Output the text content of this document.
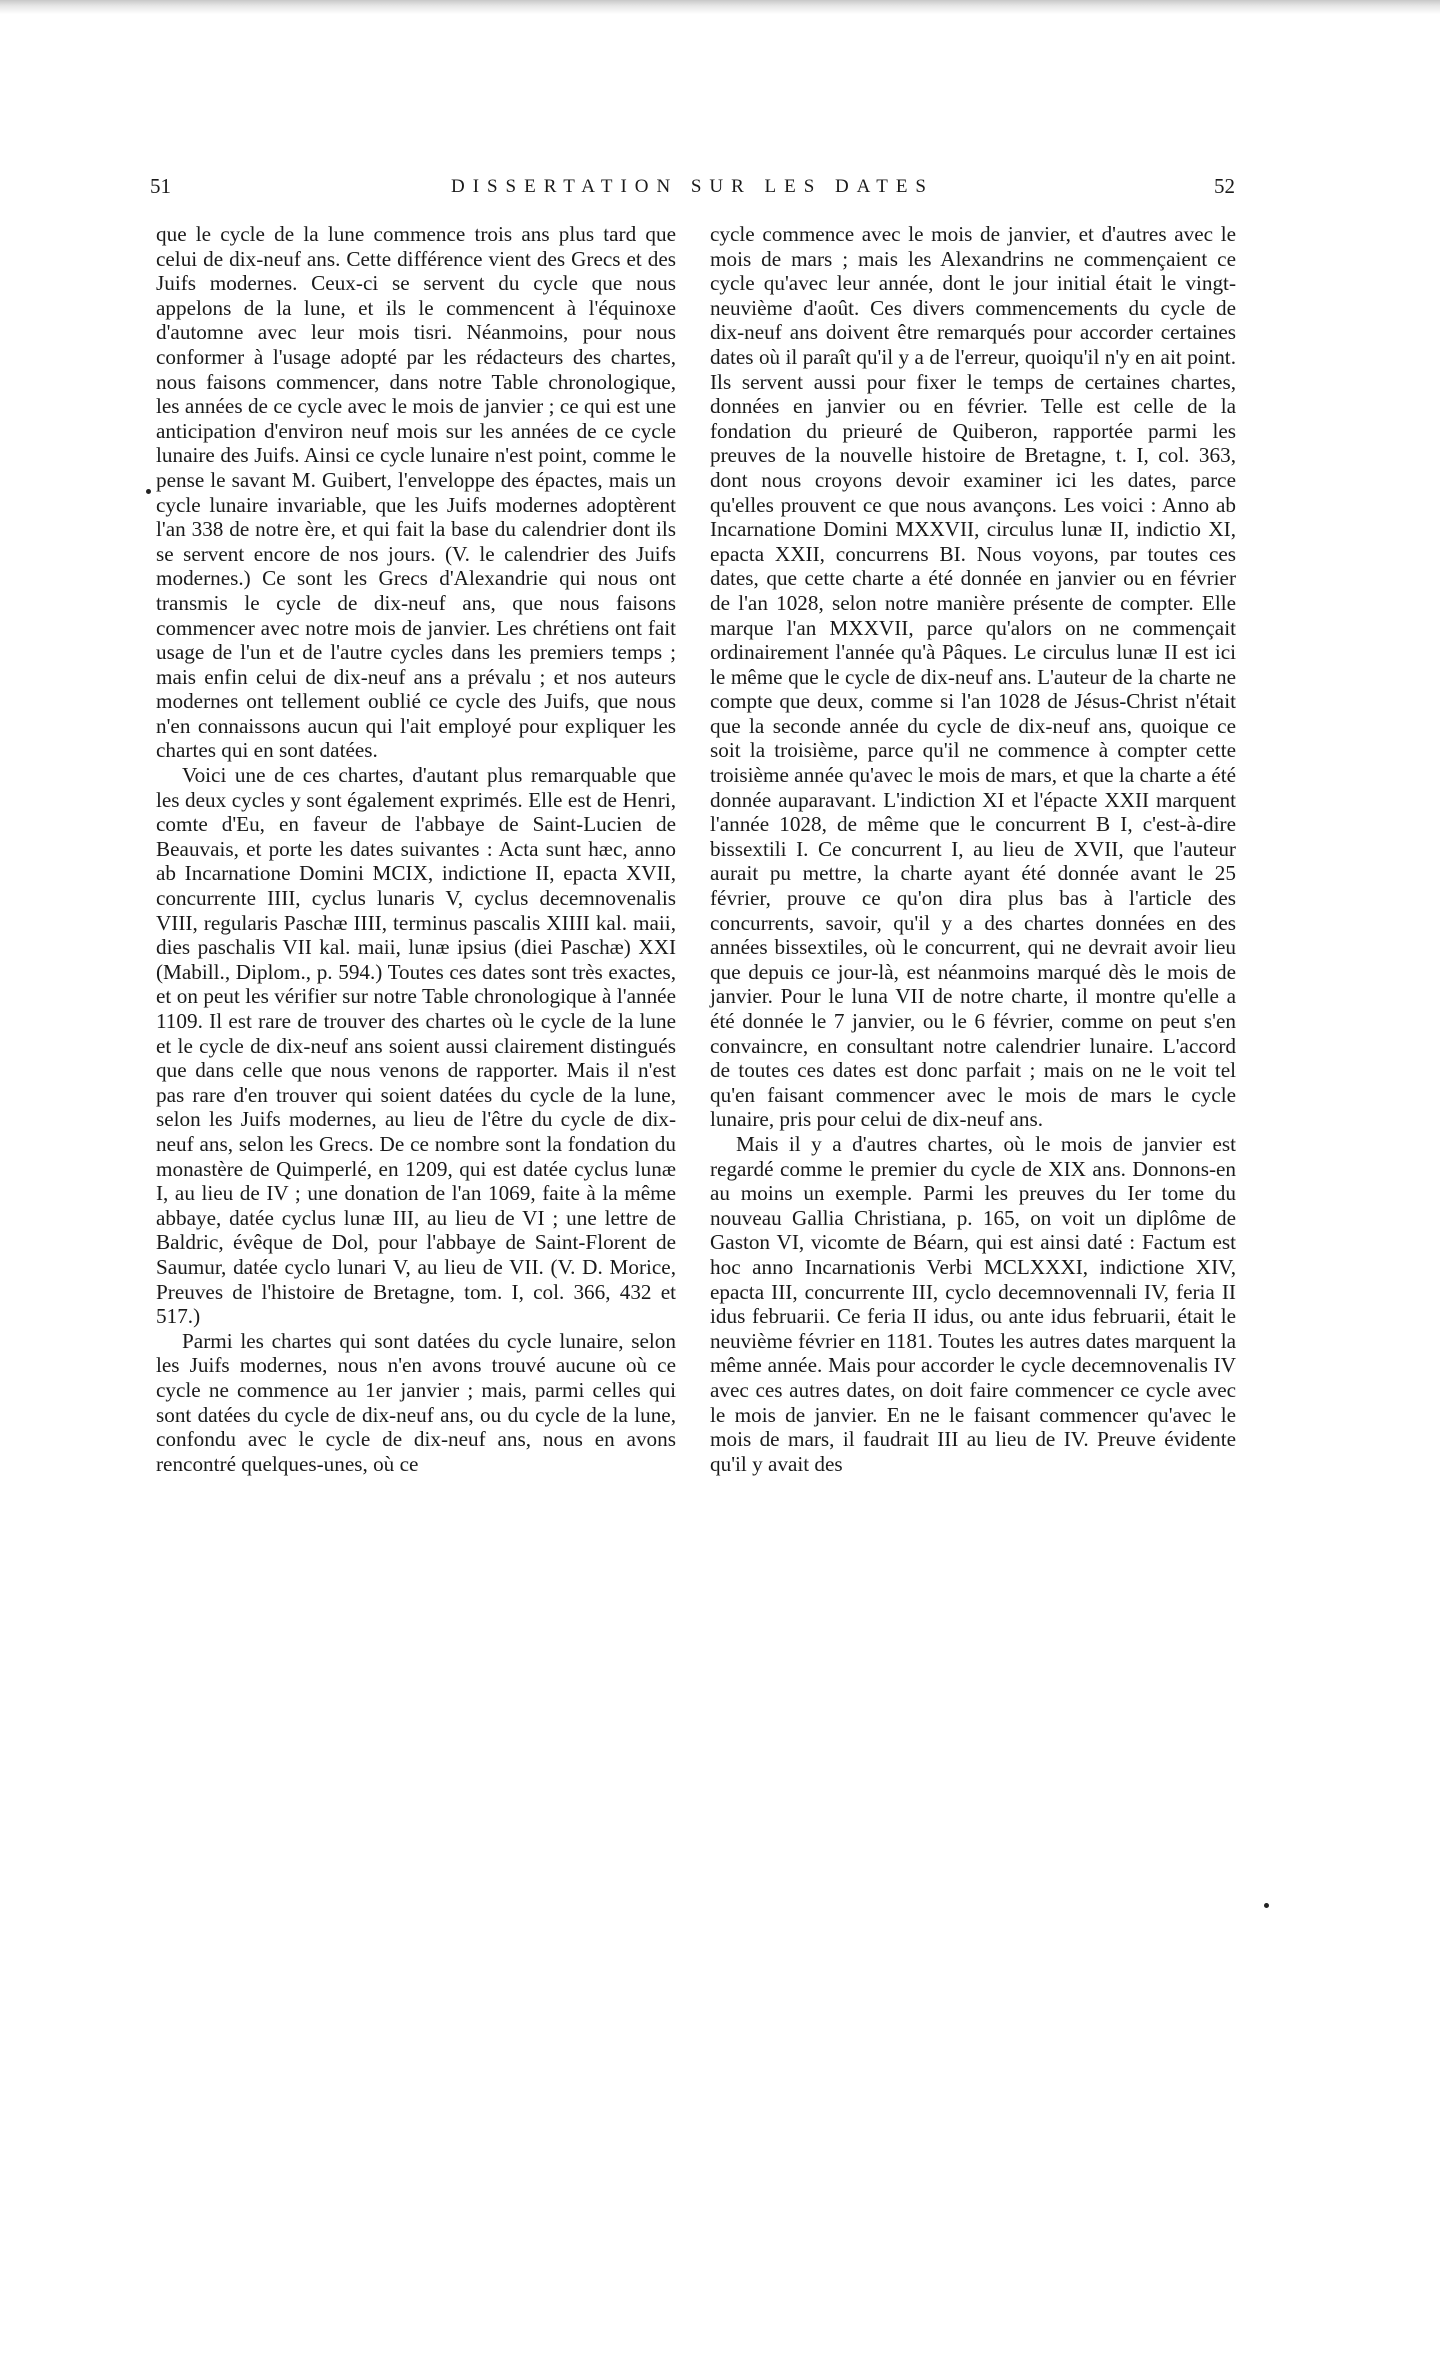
51	DISSERTATION SUR LES DATES	52

que le cycle de la lune commence trois ans plus tard que celui de dix-neuf ans. Cette différence vient des Grecs et des Juifs modernes. Ceux-ci se servent du cycle que nous appelons de la lune, et ils le commencent à l'équinoxe d'automne avec leur mois tisri. Néanmoins, pour nous conformer à l'usage adopté par les rédacteurs des chartes, nous faisons commencer, dans notre Table chronologique, les années de ce cycle avec le mois de janvier ; ce qui est une anticipation d'environ neuf mois sur les années de ce cycle lunaire des Juifs. Ainsi ce cycle lunaire n'est point, comme le pense le savant M. Guibert, l'enveloppe des épactes, mais un cycle lunaire invariable, que les Juifs modernes adoptèrent l'an 338 de notre ère, et qui fait la base du calendrier dont ils se servent encore de nos jours. (V. le calendrier des Juifs modernes.) Ce sont les Grecs d'Alexandrie qui nous ont transmis le cycle de dix-neuf ans, que nous faisons commencer avec notre mois de janvier. Les chrétiens ont fait usage de l'un et de l'autre cycles dans les premiers temps ; mais enfin celui de dix-neuf ans a prévalu ; et nos auteurs modernes ont tellement oublié ce cycle des Juifs, que nous n'en connaissons aucun qui l'ait employé pour expliquer les chartes qui en sont datées.

Voici une de ces chartes, d'autant plus remarquable que les deux cycles y sont également exprimés. Elle est de Henri, comte d'Eu, en faveur de l'abbaye de Saint-Lucien de Beauvais, et porte les dates suivantes : Acta sunt hæc, anno ab Incarnatione Domini MCIX, indictione II, epacta XVII, concurrente IIII, cyclus lunaris V, cyclus decemnovenalis VIII, regularis Paschæ IIII, terminus pascalis XIIII kal. maii, dies paschalis VII kal. maii, lunæ ipsius (diei Paschæ) XXI (Mabill., Diplom., p. 594.) Toutes ces dates sont très exactes, et on peut les vérifier sur notre Table chronologique à l'année 1109. Il est rare de trouver des chartes où le cycle de la lune et le cycle de dix-neuf ans soient aussi clairement distingués que dans celle que nous venons de rapporter. Mais il n'est pas rare d'en trouver qui soient datées du cycle de la lune, selon les Juifs modernes, au lieu de l'être du cycle de dix-neuf ans, selon les Grecs. De ce nombre sont la fondation du monastère de Quimperlé, en 1209, qui est datée cyclus lunæ I, au lieu de IV ; une donation de l'an 1069, faite à la même abbaye, datée cyclus lunæ III, au lieu de VI ; une lettre de Baldric, évêque de Dol, pour l'abbaye de Saint-Florent de Saumur, datée cyclo lunari V, au lieu de VII. (V. D. Morice, Preuves de l'histoire de Bretagne, tom. I, col. 366, 432 et 517.)

Parmi les chartes qui sont datées du cycle lunaire, selon les Juifs modernes, nous n'en avons trouvé aucune où ce cycle ne commence au 1er janvier ; mais, parmi celles qui sont datées du cycle de dix-neuf ans, ou du cycle de la lune, confondu avec le cycle de dix-neuf ans, nous en avons rencontré quelques-unes, où ce

cycle commence avec le mois de janvier, et d'autres avec le mois de mars ; mais les Alexandrins ne commençaient ce cycle qu'avec leur année, dont le jour initial était le vingt-neuvième d'août. Ces divers commencements du cycle de dix-neuf ans doivent être remarqués pour accorder certaines dates où il paraît qu'il y a de l'erreur, quoiqu'il n'y en ait point. Ils servent aussi pour fixer le temps de certaines chartes, données en janvier ou en février. Telle est celle de la fondation du prieuré de Quiberon, rapportée parmi les preuves de la nouvelle histoire de Bretagne, t. I, col. 363, dont nous croyons devoir examiner ici les dates, parce qu'elles prouvent ce que nous avançons. Les voici : Anno ab Incarnatione Domini MXXVII, circulus lunæ II, indictio XI, epacta XXII, concurrens BI. Nous voyons, par toutes ces dates, que cette charte a été donnée en janvier ou en février de l'an 1028, selon notre manière présente de compter. Elle marque l'an MXXVII, parce qu'alors on ne commençait ordinairement l'année qu'à Pâques. Le circulus lunæ II est ici le même que le cycle de dix-neuf ans. L'auteur de la charte ne compte que deux, comme si l'an 1028 de Jésus-Christ n'était que la seconde année du cycle de dix-neuf ans, quoique ce soit la troisième, parce qu'il ne commence à compter cette troisième année qu'avec le mois de mars, et que la charte a été donnée auparavant. L'indiction XI et l'épacte XXII marquent l'année 1028, de même que le concurrent B I, c'est-à-dire bissextili I. Ce concurrent I, au lieu de XVII, que l'auteur aurait pu mettre, la charte ayant été donnée avant le 25 février, prouve ce qu'on dira plus bas à l'article des concurrents, savoir, qu'il y a des chartes données en des années bissextiles, où le concurrent, qui ne devrait avoir lieu que depuis ce jour-là, est néanmoins marqué dès le mois de janvier. Pour le luna VII de notre charte, il montre qu'elle a été donnée le 7 janvier, ou le 6 février, comme on peut s'en convaincre, en consultant notre calendrier lunaire. L'accord de toutes ces dates est donc parfait ; mais on ne le voit tel qu'en faisant commencer avec le mois de mars le cycle lunaire, pris pour celui de dix-neuf ans.

Mais il y a d'autres chartes, où le mois de janvier est regardé comme le premier du cycle de XIX ans. Donnons-en au moins un exemple. Parmi les preuves du Ier tome du nouveau Gallia Christiana, p. 165, on voit un diplôme de Gaston VI, vicomte de Béarn, qui est ainsi daté : Factum est hoc anno Incarnationis Verbi MCLXXXI, indictione XIV, epacta III, concurrente III, cyclo decemnovennali IV, feria II idus februarii. Ce feria II idus, ou ante idus februarii, était le neuvième février en 1181. Toutes les autres dates marquent la même année. Mais pour accorder le cycle decemnovenalis IV avec ces autres dates, on doit faire commencer ce cycle avec le mois de janvier. En ne le faisant commencer qu'avec le mois de mars, il faudrait III au lieu de IV. Preuve évidente qu'il y avait des
